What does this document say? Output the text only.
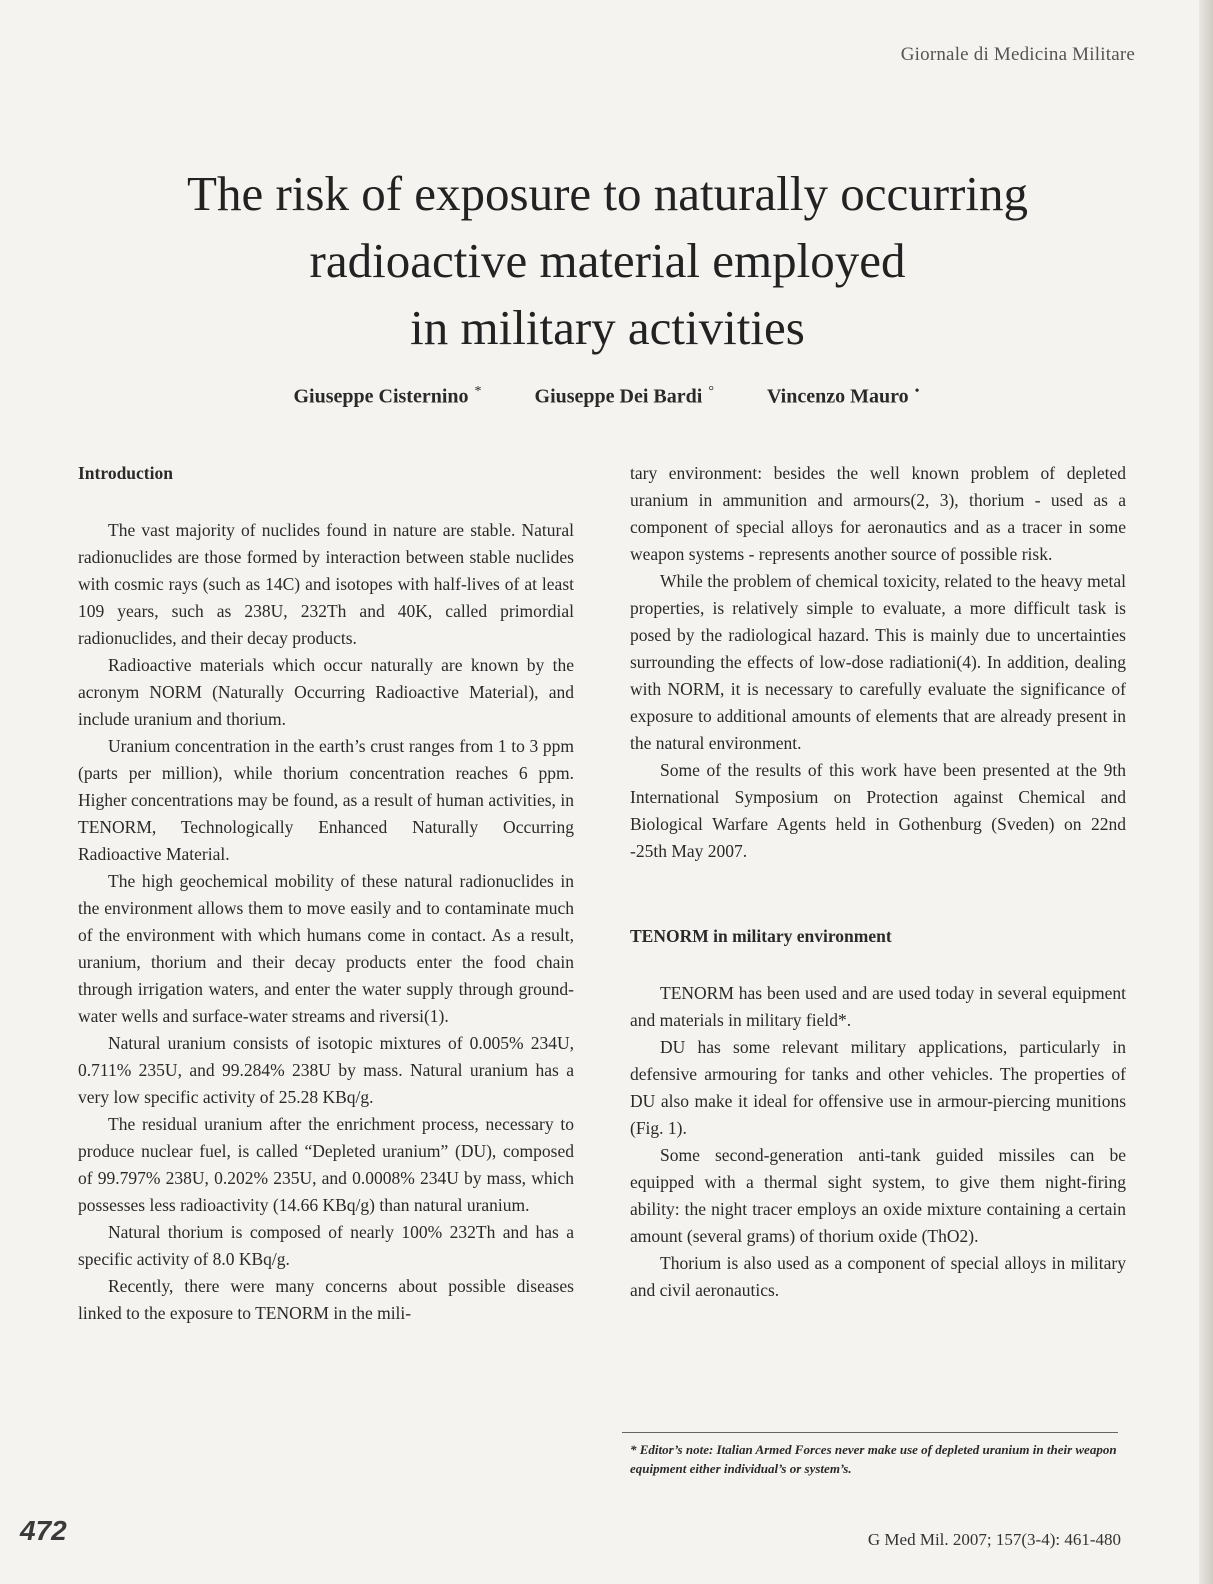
Giornale di Medicina Militare
The risk of exposure to naturally occurring
radioactive material employed
in military activities
Giuseppe Cisternino *	Giuseppe Dei Bardi °	Vincenzo Mauro •
Introduction

The vast majority of nuclides found in nature are stable. Natural radionuclides are those formed by interaction between stable nuclides with cosmic rays (such as 14C) and isotopes with half-lives of at least 109 years, such as 238U, 232Th and 40K, called primordial radionuclides, and their decay products.

Radioactive materials which occur naturally are known by the acronym NORM (Naturally Occurring Radioactive Material), and include uranium and thorium.

Uranium concentration in the earth’s crust ranges from 1 to 3 ppm (parts per million), while thorium concentration reaches 6 ppm. Higher concentrations may be found, as a result of human activities, in TENORM, Technologically Enhanced Naturally Occurring Radioactive Material.

The high geochemical mobility of these natural radionuclides in the environment allows them to move easily and to contaminate much of the environment with which humans come in contact. As a result, uranium, thorium and their decay products enter the food chain through irrigation waters, and enter the water supply through ground-water wells and surface-water streams and riversi(1).

Natural uranium consists of isotopic mixtures of 0.005% 234U, 0.711% 235U, and 99.284% 238U by mass. Natural uranium has a very low specific activity of 25.28 KBq/g.

The residual uranium after the enrichment process, necessary to produce nuclear fuel, is called “Depleted uranium” (DU), composed of 99.797% 238U, 0.202% 235U, and 0.0008% 234U by mass, which possesses less radioactivity (14.66 KBq/g) than natural uranium.

Natural thorium is composed of nearly 100% 232Th and has a specific activity of 8.0 KBq/g.

Recently, there were many concerns about possible diseases linked to the exposure to TENORM in the mili-

tary environment: besides the well known problem of depleted uranium in ammunition and armours(2, 3), thorium - used as a component of special alloys for aeronautics and as a tracer in some weapon systems - represents another source of possible risk.

While the problem of chemical toxicity, related to the heavy metal properties, is relatively simple to evaluate, a more difficult task is posed by the radiological hazard. This is mainly due to uncertainties surrounding the effects of low-dose radiationi(4). In addition, dealing with NORM, it is necessary to carefully evaluate the significance of exposure to additional amounts of elements that are already present in the natural environment.

Some of the results of this work have been presented at the 9th International Symposium on Protection against Chemical and Biological Warfare Agents held in Gothenburg (Sveden) on 22nd -25th May 2007.

TENORM in military environment

TENORM has been used and are used today in several equipment and materials in military field*.

DU has some relevant military applications, particularly in defensive armouring for tanks and other vehicles. The properties of DU also make it ideal for offensive use in armour-piercing munitions (Fig. 1).

Some second-generation anti-tank guided missiles can be equipped with a thermal sight system, to give them night-firing ability: the night tracer employs an oxide mixture containing a certain amount (several grams) of thorium oxide (ThO2).

Thorium is also used as a component of special alloys in military and civil aeronautics.

* Editor’s note: Italian Armed Forces never make use of depleted uranium in their weapon equipment either individual’s or system’s.
472	G Med Mil. 2007; 157(3-4): 461-480
